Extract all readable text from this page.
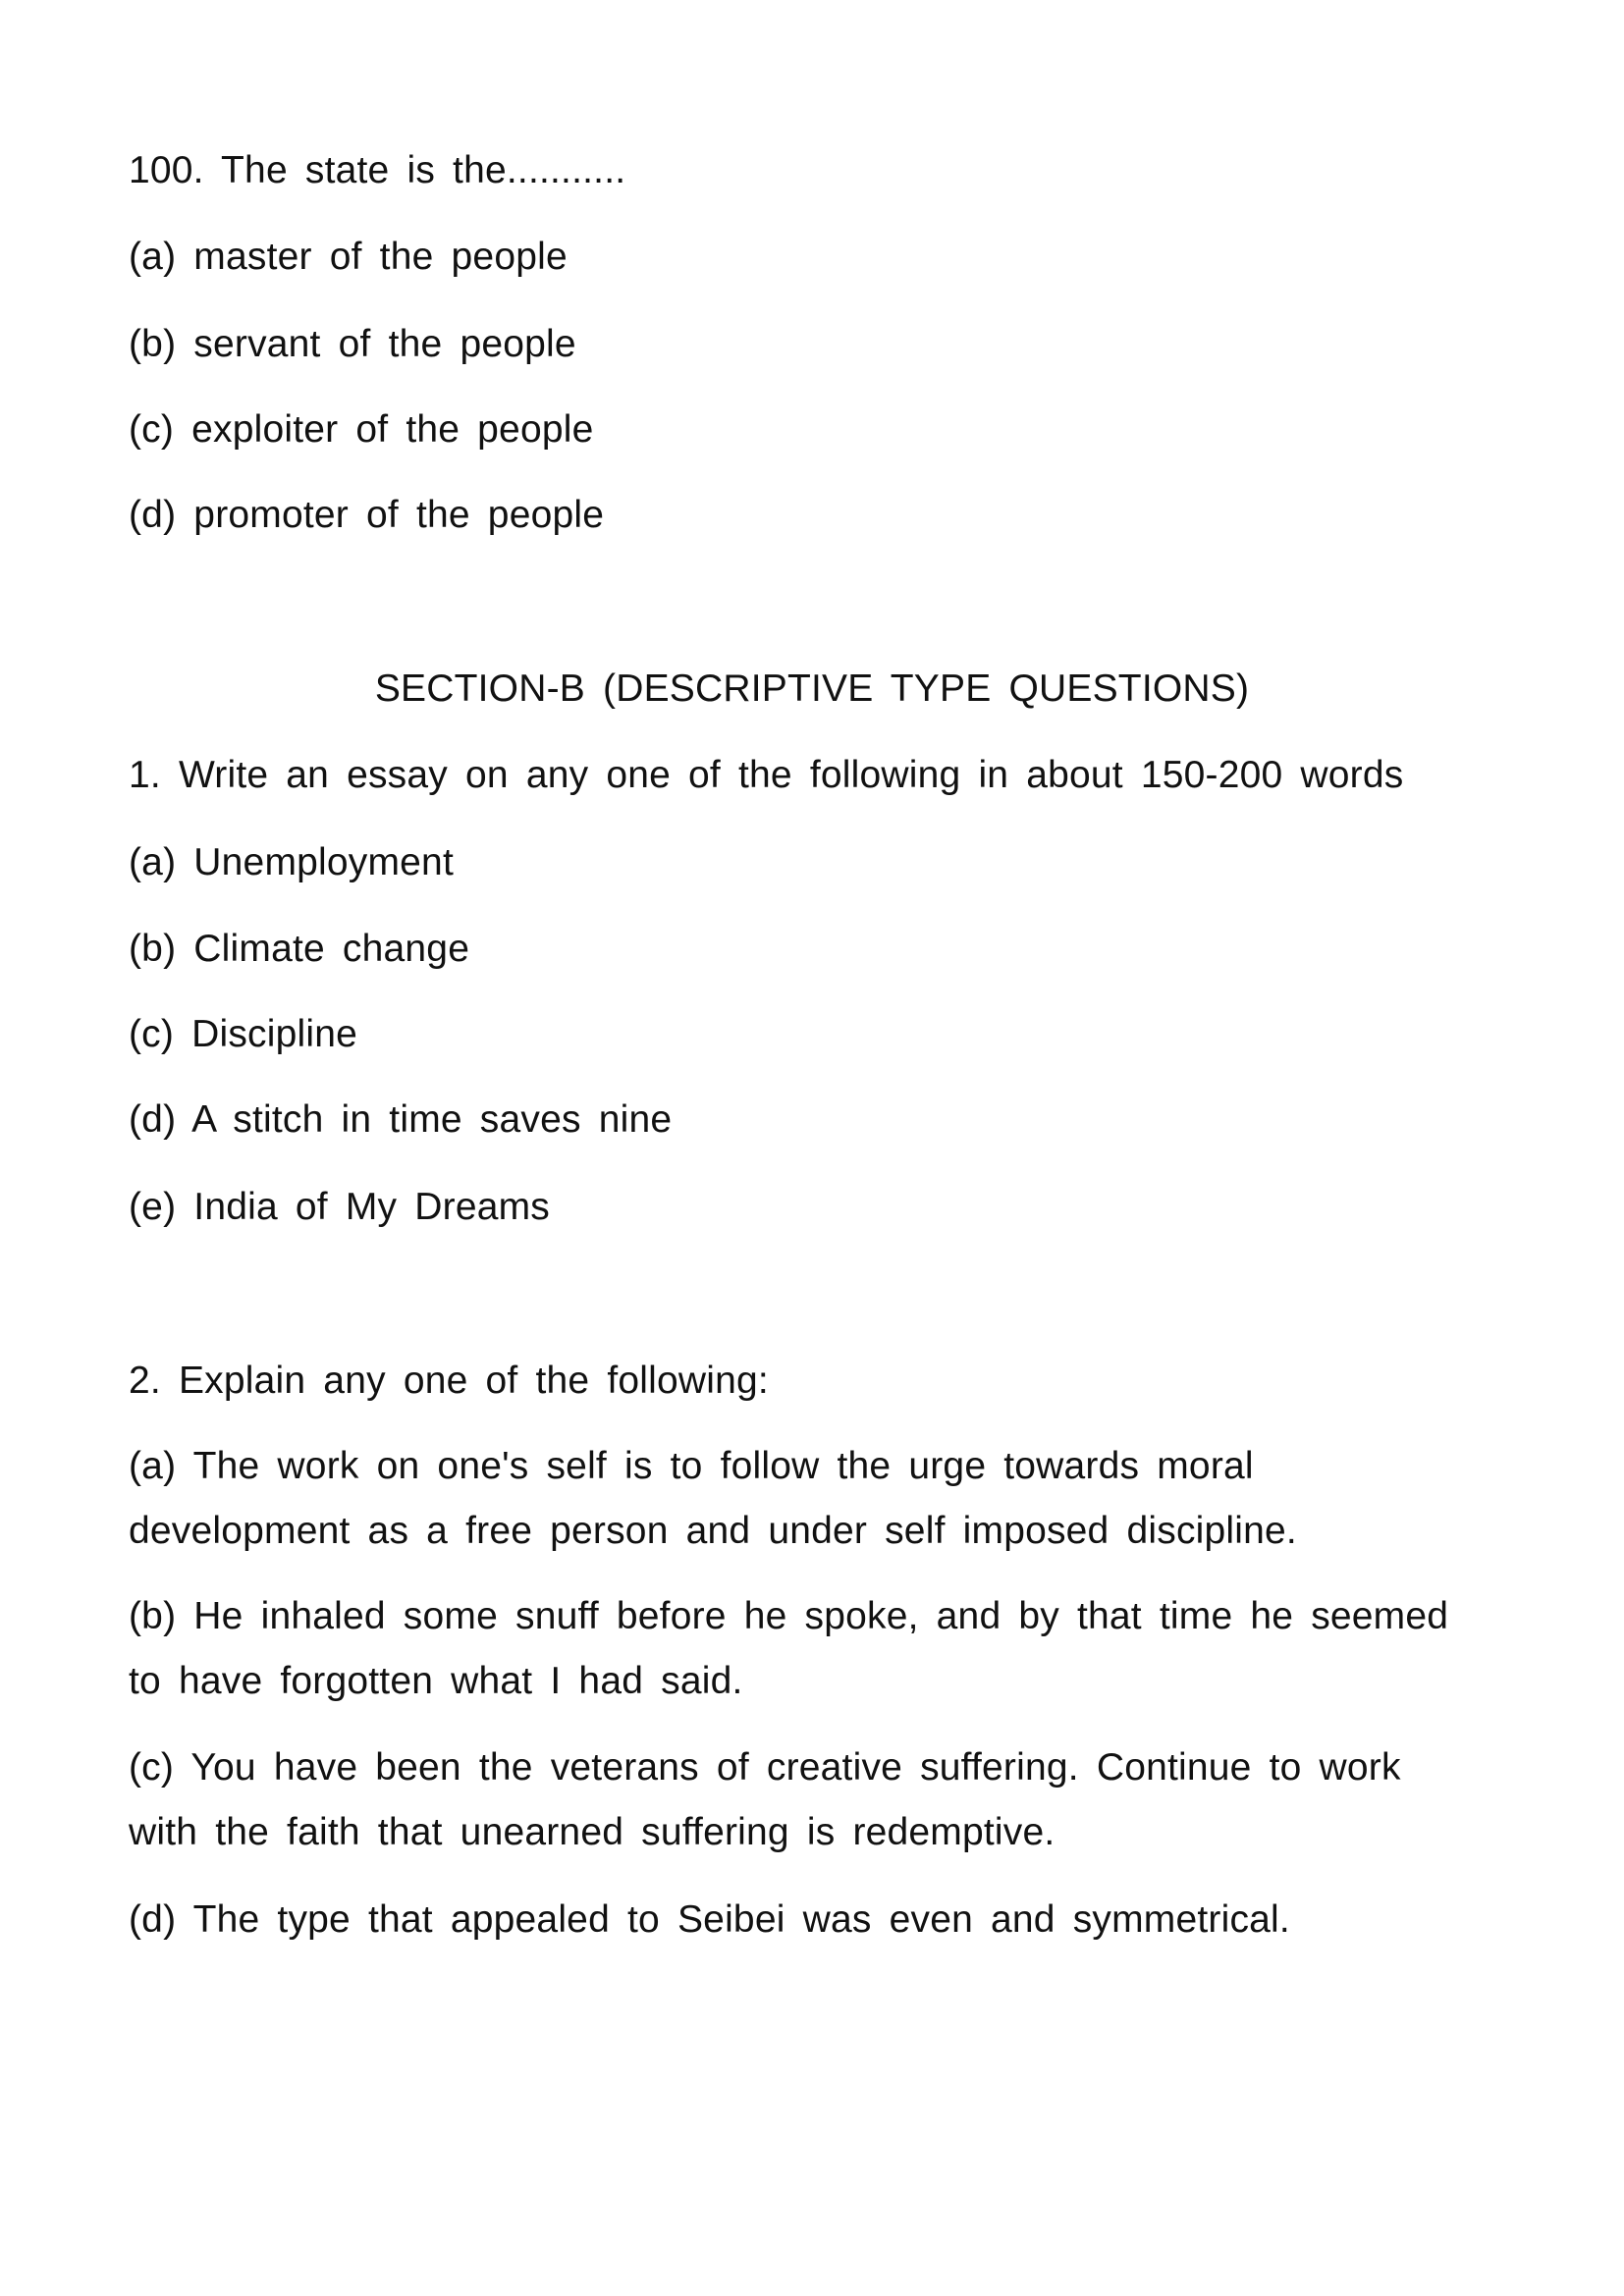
100. The state is the...........
(a) master of the people
(b) servant of the people
(c) exploiter of the people
(d) promoter of the people
SECTION-B (DESCRIPTIVE TYPE QUESTIONS)
1. Write an essay on any one of the following in about 150-200 words
(a) Unemployment
(b) Climate change
(c) Discipline
(d) A stitch in time saves nine
(e) India of My Dreams
2. Explain any one of the following:
(a) The work on one's self is to follow the urge towards moral
development as a free person and under self imposed discipline.
(b) He inhaled some snuff before he spoke, and by that time he seemed
to have forgotten what I had said.
(c) You have been the veterans of creative suffering. Continue to work
with the faith that unearned suffering is redemptive.
(d) The type that appealed to Seibei was even and symmetrical.
